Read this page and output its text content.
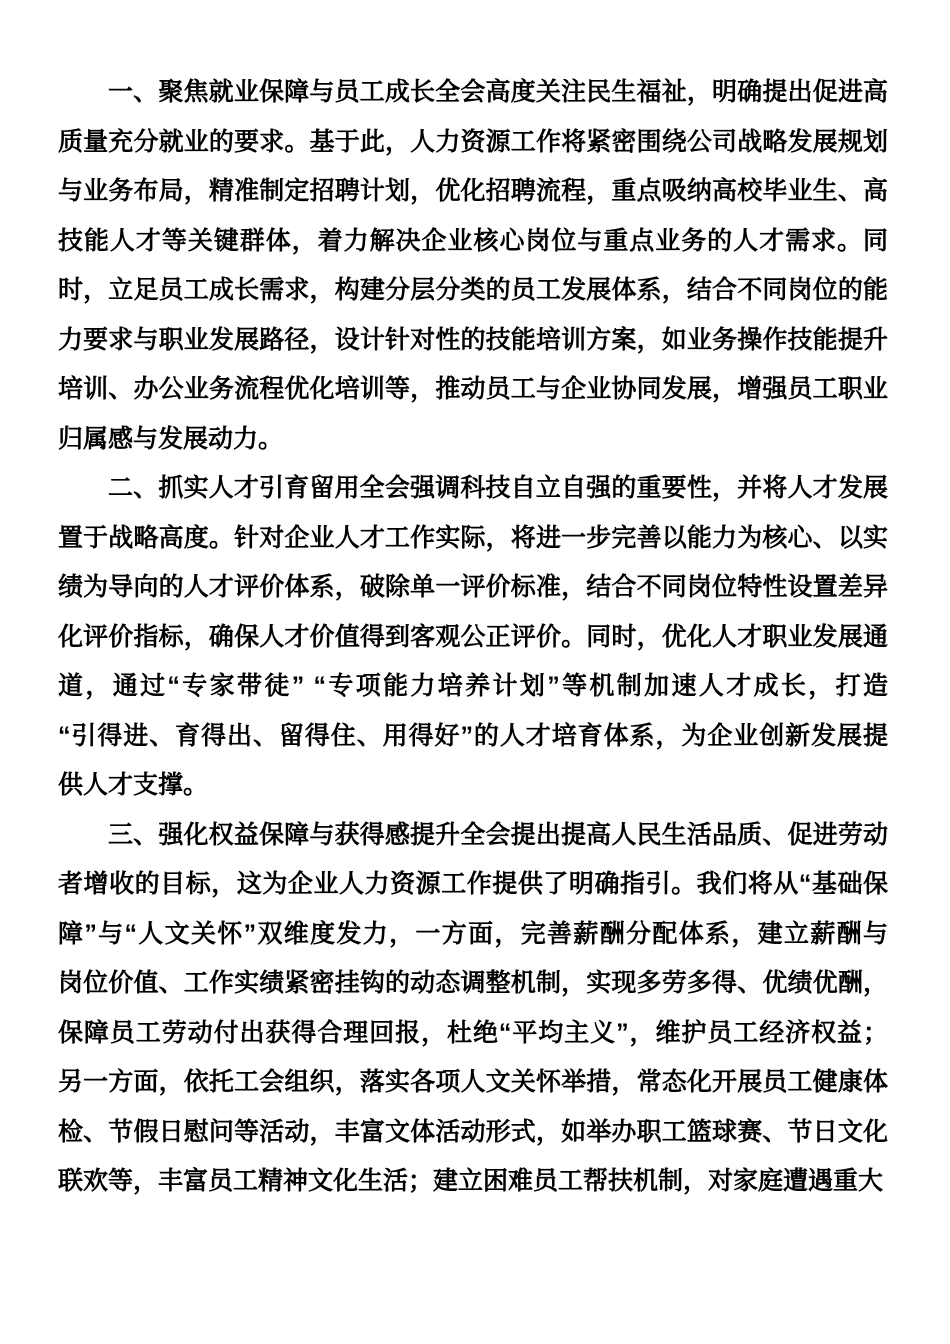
一、聚焦就业保障与员工成长全会高度关注民生福祉，明确提出促进高
质量充分就业的要求。基于此，人力资源工作将紧密围绕公司战略发展规划
与业务布局，精准制定招聘计划，优化招聘流程，重点吸纳高校毕业生、高
技能人才等关键群体，着力解决企业核心岗位与重点业务的人才需求。同
时，立足员工成长需求，构建分层分类的员工发展体系，结合不同岗位的能
力要求与职业发展路径，设计针对性的技能培训方案，如业务操作技能提升
培训、办公业务流程优化培训等，推动员工与企业协同发展，增强员工职业
归属感与发展动力。
二、抓实人才引育留用全会强调科技自立自强的重要性，并将人才发展
置于战略高度。针对企业人才工作实际，将进一步完善以能力为核心、以实
绩为导向的人才评价体系，破除单一评价标准，结合不同岗位特性设置差异
化评价指标，确保人才价值得到客观公正评价。同时，优化人才职业发展通
道，通过“专家带徒” “专项能力培养计划”等机制加速人才成长，打造
“引得进、育得出、留得住、用得好”的人才培育体系，为企业创新发展提
供人才支撑。
三、强化权益保障与获得感提升全会提出提高人民生活品质、促进劳动
者增收的目标，这为企业人力资源工作提供了明确指引。我们将从“基础保
障”与“人文关怀”双维度发力，一方面，完善薪酬分配体系，建立薪酬与
岗位价值、工作实绩紧密挂钩的动态调整机制，实现多劳多得、优绩优酬，
保障员工劳动付出获得合理回报，杜绝“平均主义”，维护员工经济权益；
另一方面，依托工会组织，落实各项人文关怀举措，常态化开展员工健康体
检、节假日慰问等活动，丰富文体活动形式，如举办职工篮球赛、节日文化
联欢等，丰富员工精神文化生活；建立困难员工帮扶机制，对家庭遭遇重大
